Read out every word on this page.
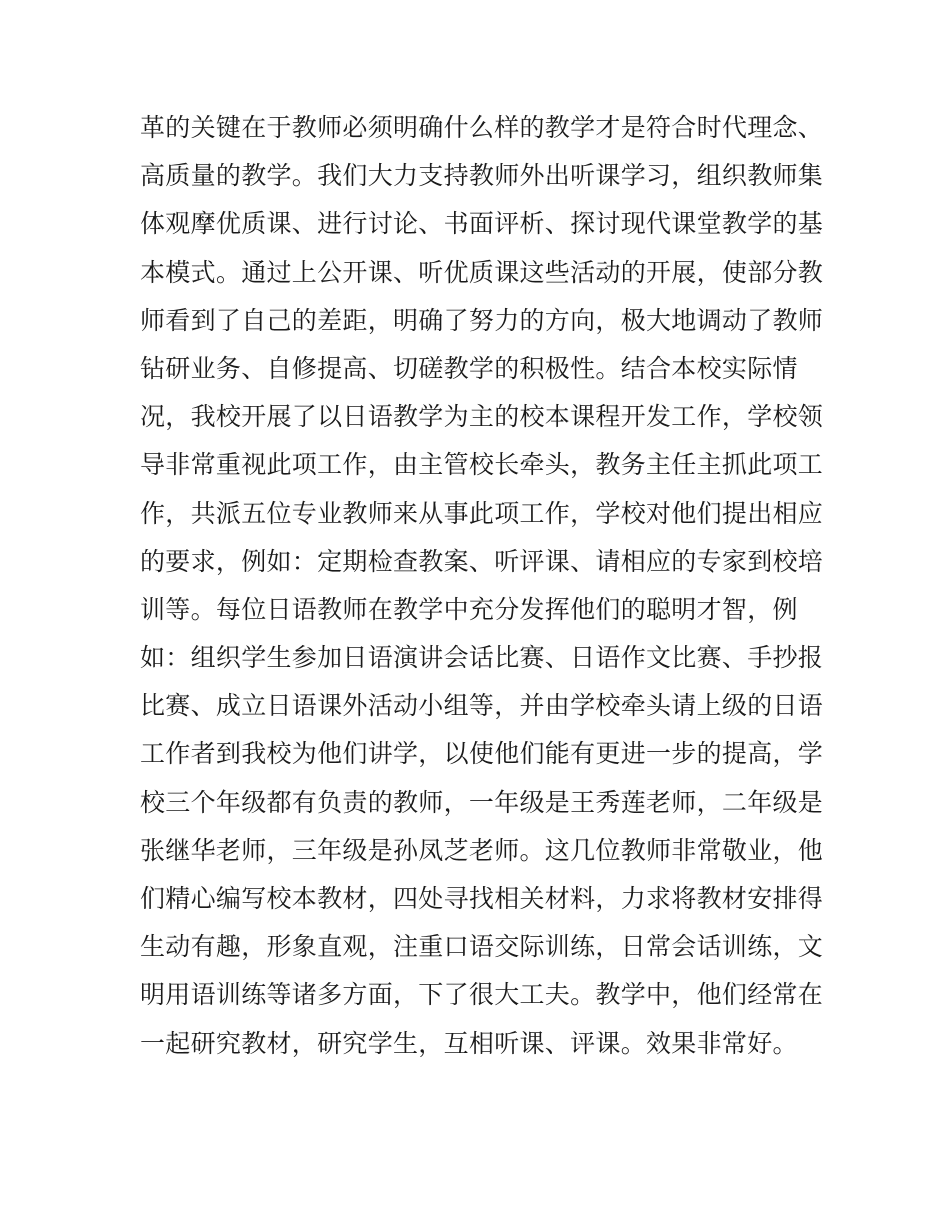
革的关键在于教师必须明确什么样的教学才是符合时代理念、
高质量的教学。我们大力支持教师外出听课学习，组织教师集
体观摩优质课、进行讨论、书面评析、探讨现代课堂教学的基
本模式。通过上公开课、听优质课这些活动的开展，使部分教
师看到了自己的差距，明确了努力的方向，极大地调动了教师
钻研业务、自修提高、切磋教学的积极性。结合本校实际情
况，我校开展了以日语教学为主的校本课程开发工作，学校领
导非常重视此项工作，由主管校长牵头，教务主任主抓此项工
作，共派五位专业教师来从事此项工作，学校对他们提出相应
的要求，例如：定期检查教案、听评课、请相应的专家到校培
训等。每位日语教师在教学中充分发挥他们的聪明才智，例
如：组织学生参加日语演讲会话比赛、日语作文比赛、手抄报
比赛、成立日语课外活动小组等，并由学校牵头请上级的日语
工作者到我校为他们讲学，以使他们能有更进一步的提高，学
校三个年级都有负责的教师，一年级是王秀莲老师，二年级是
张继华老师，三年级是孙凤芝老师。这几位教师非常敬业，他
们精心编写校本教材，四处寻找相关材料，力求将教材安排得
生动有趣，形象直观，注重口语交际训练，日常会话训练，文
明用语训练等诸多方面，下了很大工夫。教学中，他们经常在
一起研究教材，研究学生，互相听课、评课。效果非常好。
